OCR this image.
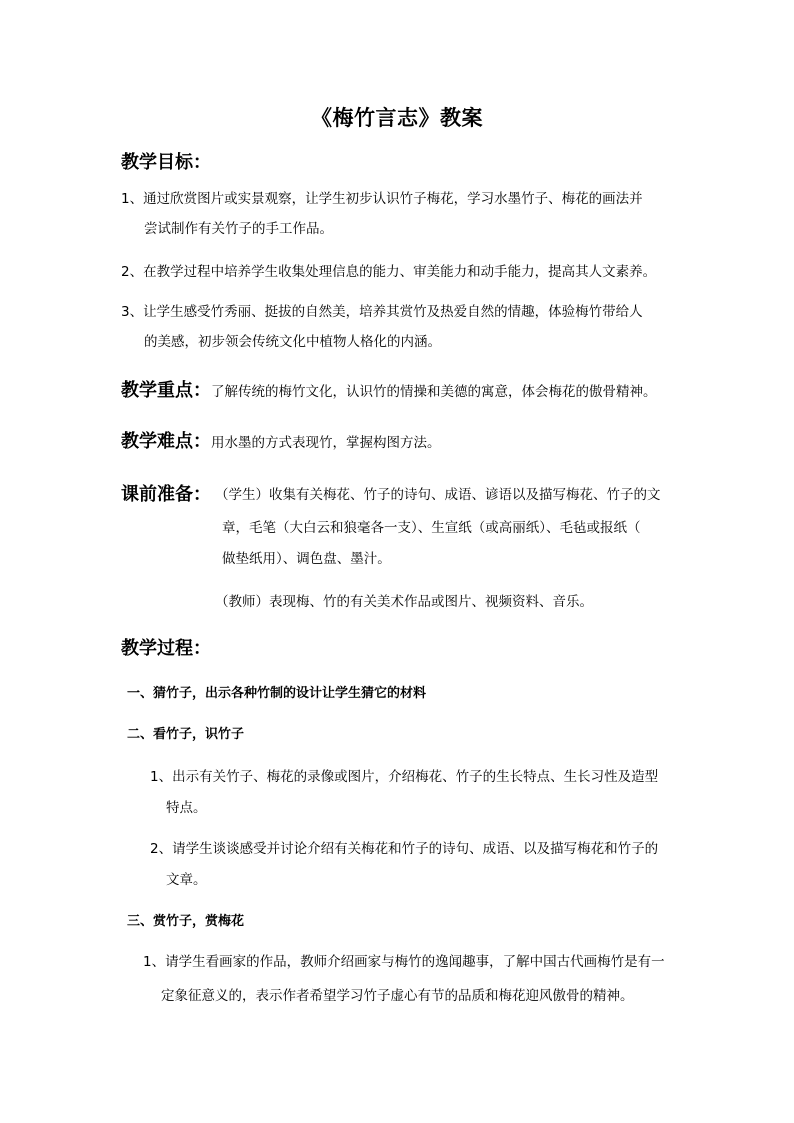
《梅竹言志》教案
教学目标：
1、通过欣赏图片或实景观察，让学生初步认识竹子梅花，学习水墨竹子、梅花的画法并
尝试制作有关竹子的手工作品。
2、在教学过程中培养学生收集处理信息的能力、审美能力和动手能力，提高其人文素养。
3、让学生感受竹秀丽、挺拔的自然美，培养其赏竹及热爱自然的情趣，体验梅竹带给人
的美感，初步领会传统文化中植物人格化的内涵。
教学重点：了解传统的梅竹文化，认识竹的情操和美德的寓意，体会梅花的傲骨精神。
教学难点：用水墨的方式表现竹，掌握构图方法。
课前准备： （学生）收集有关梅花、竹子的诗句、成语、谚语以及描写梅花、竹子的文
章，毛笔（大白云和狼毫各一支）、生宣纸（或高丽纸）、毛毡或报纸（
做垫纸用）、调色盘、墨汁。
（教师）表现梅、竹的有关美术作品或图片、视频资料、音乐。
教学过程：
一、猜竹子，出示各种竹制的设计让学生猜它的材料
二、看竹子，识竹子
1、出示有关竹子、梅花的录像或图片，介绍梅花、竹子的生长特点、生长习性及造型
特点。
2、请学生谈谈感受并讨论介绍有关梅花和竹子的诗句、成语、以及描写梅花和竹子的
文章。
三、赏竹子，赏梅花
1、请学生看画家的作品，教师介绍画家与梅竹的逸闻趣事，了解中国古代画梅竹是有一
定象征意义的，表示作者希望学习竹子虚心有节的品质和梅花迎风傲骨的精神。
